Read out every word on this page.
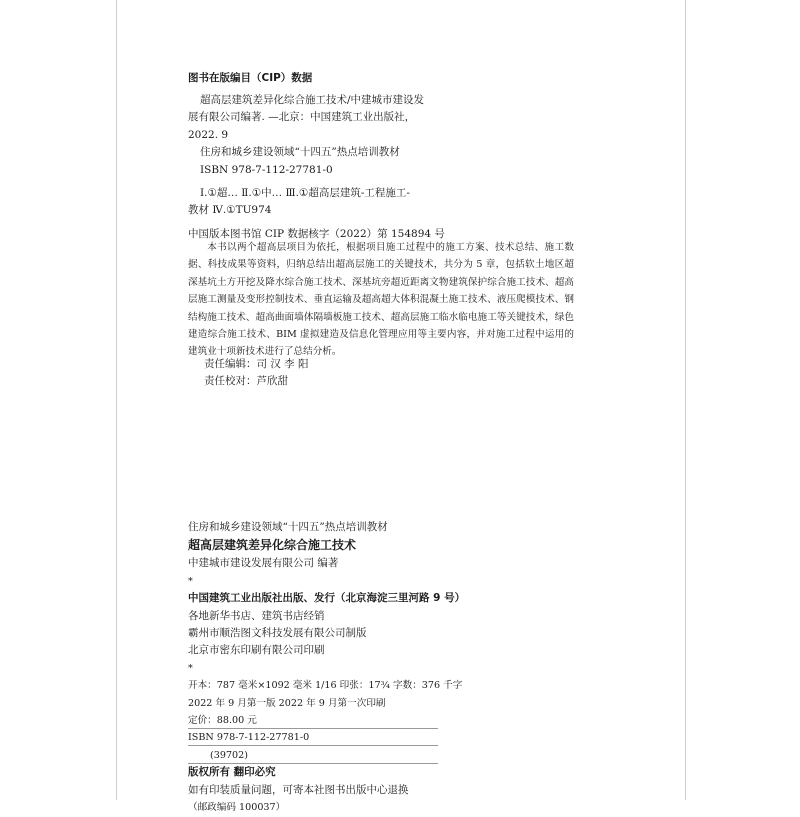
图书在版编目（CIP）数据
超高层建筑差异化综合施工技术/中建城市建设发
展有限公司编著. —北京：中国建筑工业出版社，
2022. 9
住房和城乡建设领域“十四五”热点培训教材
ISBN 978-7-112-27781-0
Ⅰ.①超… Ⅱ.①中… Ⅲ.①超高层建筑-工程施工-
教材 Ⅳ.①TU974
中国版本图书馆 CIP 数据核字（2022）第 154894 号

本书以两个超高层项目为依托，根据项目施工过程中的施工方案、技术总结、施工数据、科技成果等资料，归纳总结出超高层施工的关键技术，共分为 5 章，包括软土地区超深基坑土方开挖及降水综合施工技术、深基坑旁超近距离文物建筑保护综合施工技术、超高层施工测量及变形控制技术、垂直运输及超高超大体积混凝土施工技术、液压爬模技术、钢结构施工技术、超高曲面墙体隔墙板施工技术、超高层施工临水临电施工等关键技术，绿色建造综合施工技术、BIM 虚拟建造及信息化管理应用等主要内容，并对施工过程中运用的建筑业十项新技术进行了总结分析。

责任编辑：司 汉 李 阳
责任校对：芦欣甜
住房和城乡建设领域“十四五”热点培训教材
超高层建筑差异化综合施工技术
中建城市建设发展有限公司 编著
*
中国建筑工业出版社出版、发行（北京海淀三里河路 9 号）
各地新华书店、建筑书店经销
霸州市顺浩图文科技发展有限公司制版
北京市密东印刷有限公司印刷
*
开本：787 毫米×1092 毫米 1/16 印张：17¾ 字数：376 千字
2022 年 9 月第一版 2022 年 9 月第一次印刷
定价：88.00 元
ISBN 978-7-112-27781-0
(39702)
版权所有 翻印必究
如有印装质量问题，可寄本社图书出版中心退换
（邮政编码 100037）
